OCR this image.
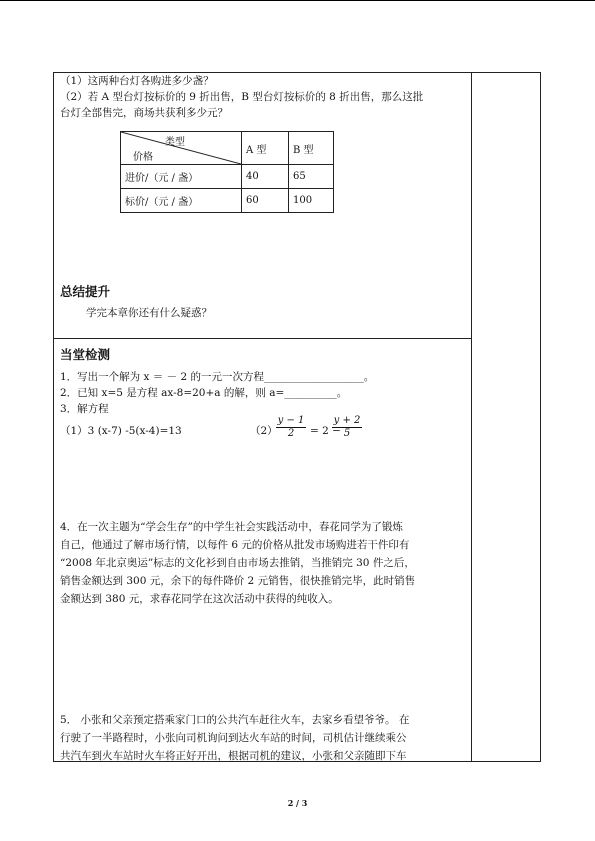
（1）这两种台灯各购进多少盏？
（2）若 A 型台灯按标价的 9 折出售，B 型台灯按标价的 8 折出售，那么这批
台灯全部售完，商场共获利多少元？
类型
价格	A 型	B 型
进价/（元 / 盏）	40	65
标价/（元 / 盏）	60	100
总结提升
学完本章你还有什么疑惑？
当堂检测
1．写出一个解为 x ＝ － 2 的一元一次方程___________________。
2．已知 x=5 是方程 ax-8=20+a 的解，则 a=__________。
3．解方程
（1）3 (x-7) -5(x-4)=13	（2）
$\frac{y - 1}{2} = 2$ −
$\frac{y + 2}{5}$
4．在一次主题为“学会生存”的中学生社会实践活动中，春花同学为了锻炼
自己，他通过了解市场行情，以每件 6 元的价格从批发市场购进若干件印有
“2008 年北京奥运”标志的文化衫到自由市场去推销，当推销完 30 件之后，
销售金额达到 300 元，余下的每件降价 2 元销售，很快推销完毕，此时销售
金额达到 380 元，求春花同学在这次活动中获得的纯收入。
5． 小张和父亲预定搭乘家门口的公共汽车赶往火车，去家乡看望爷爷。 在
行驶了一半路程时，小张向司机询问到达火车站的时间，司机估计继续乘公
共汽车到火车站时火车将正好开出，根据司机的建议，小张和父亲随即下车
2 / 3
